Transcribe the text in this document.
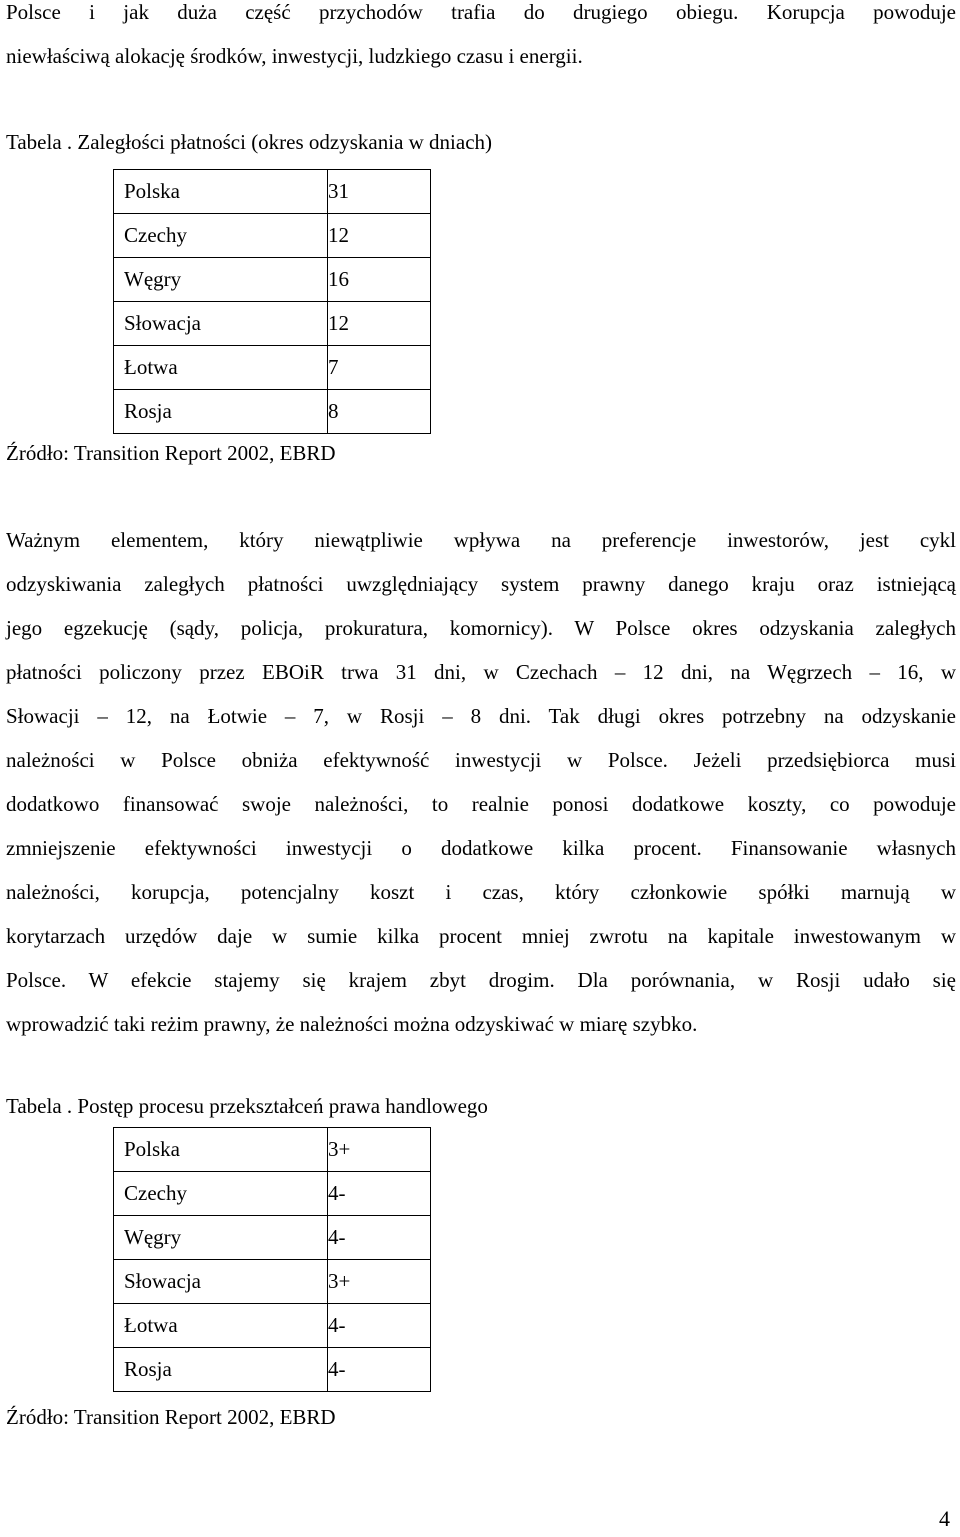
Polsce i jak duża część przychodów trafia do drugiego obiegu. Korupcja powoduje
niewłaściwą alokację środków, inwestycji, ludzkiego czasu i energii.
Tabela . Zaległości płatności (okres odzyskania w dniach)
Polska	31
Czechy	12
Węgry	16
Słowacja	12
Łotwa	7
Rosja	8
Źródło: Transition Report 2002, EBRD
Ważnym elementem, który niewątpliwie wpływa na preferencje inwestorów, jest cykl
odzyskiwania zaległych płatności uwzględniający system prawny danego kraju oraz istniejącą
jego egzekucję (sądy, policja, prokuratura, komornicy). W Polsce okres odzyskania zaległych
płatności policzony przez EBOiR trwa 31 dni, w Czechach – 12 dni, na Węgrzech – 16, w
Słowacji – 12, na Łotwie – 7, w Rosji – 8 dni. Tak długi okres potrzebny na odzyskanie
należności w Polsce obniża efektywność inwestycji w Polsce. Jeżeli przedsiębiorca musi
dodatkowo finansować swoje należności, to realnie ponosi dodatkowe koszty, co powoduje
zmniejszenie efektywności inwestycji o dodatkowe kilka procent. Finansowanie własnych
należności, korupcja, potencjalny koszt i czas, który członkowie spółki marnują w
korytarzach urzędów daje w sumie kilka procent mniej zwrotu na kapitale inwestowanym w
Polsce. W efekcie stajemy się krajem zbyt drogim. Dla porównania, w Rosji udało się
wprowadzić taki reżim prawny, że należności można odzyskiwać w miarę szybko.
Tabela . Postęp procesu przekształceń prawa handlowego
Polska	3+
Czechy	4-
Węgry	4-
Słowacja	3+
Łotwa	4-
Rosja	4-
Źródło: Transition Report 2002, EBRD
4
